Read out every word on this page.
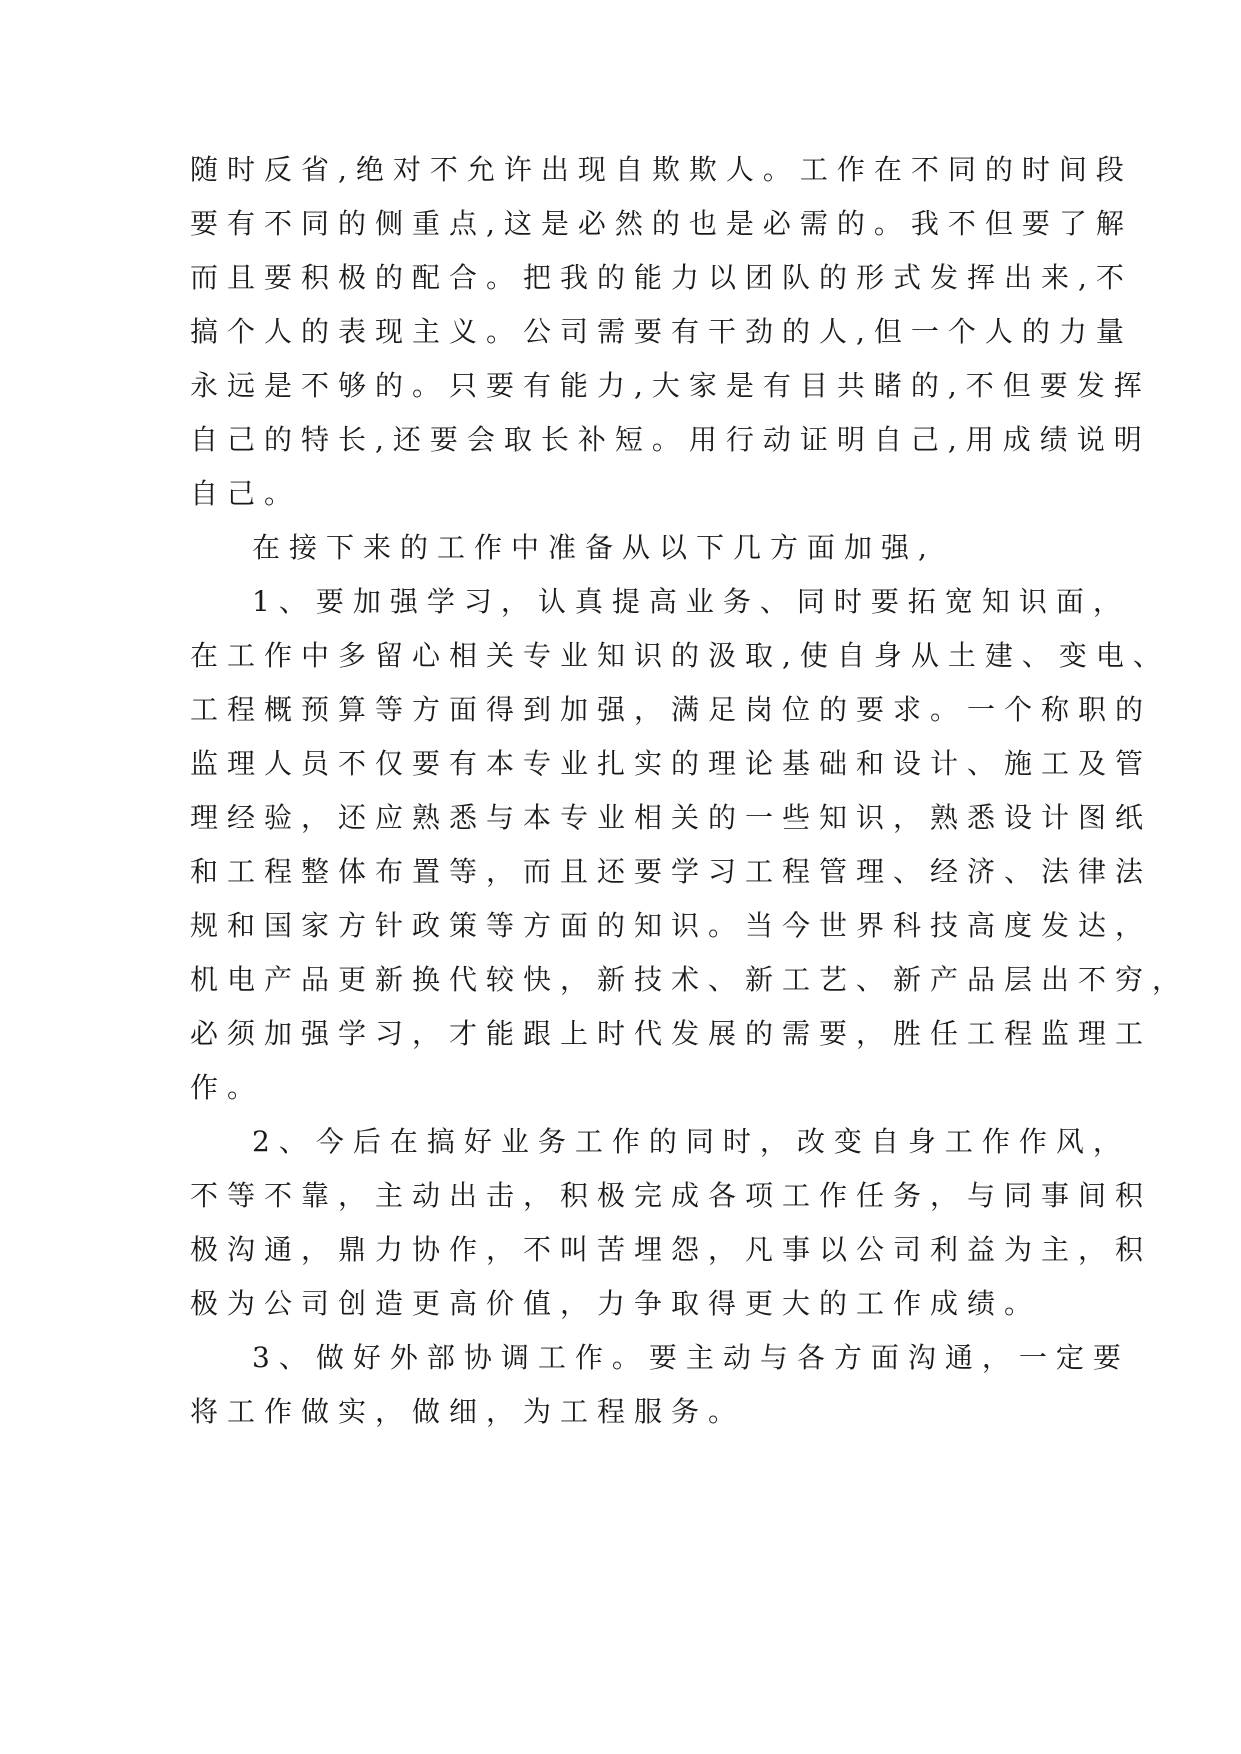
随时反省,绝对不允许出现自欺欺人。工作在不同的时间段
要有不同的侧重点,这是必然的也是必需的。我不但要了解
而且要积极的配合。把我的能力以团队的形式发挥出来,不
搞个人的表现主义。公司需要有干劲的人,但一个人的力量
永远是不够的。只要有能力,大家是有目共睹的,不但要发挥
自己的特长,还要会取长补短。用行动证明自己,用成绩说明
自己。
在接下来的工作中准备从以下几方面加强,
1、要加强学习，认真提高业务、同时要拓宽知识面，
在工作中多留心相关专业知识的汲取,使自身从土建、变电、
工程概预算等方面得到加强，满足岗位的要求。一个称职的
监理人员不仅要有本专业扎实的理论基础和设计、施工及管
理经验，还应熟悉与本专业相关的一些知识，熟悉设计图纸
和工程整体布置等，而且还要学习工程管理、经济、法律法
规和国家方针政策等方面的知识。当今世界科技高度发达，
机电产品更新换代较快，新技术、新工艺、新产品层出不穷，
必须加强学习，才能跟上时代发展的需要，胜任工程监理工
作。
2、今后在搞好业务工作的同时，改变自身工作作风，
不等不靠，主动出击，积极完成各项工作任务，与同事间积
极沟通，鼎力协作，不叫苦埋怨，凡事以公司利益为主，积
极为公司创造更高价值，力争取得更大的工作成绩。
3、做好外部协调工作。要主动与各方面沟通，一定要
将工作做实，做细，为工程服务。
